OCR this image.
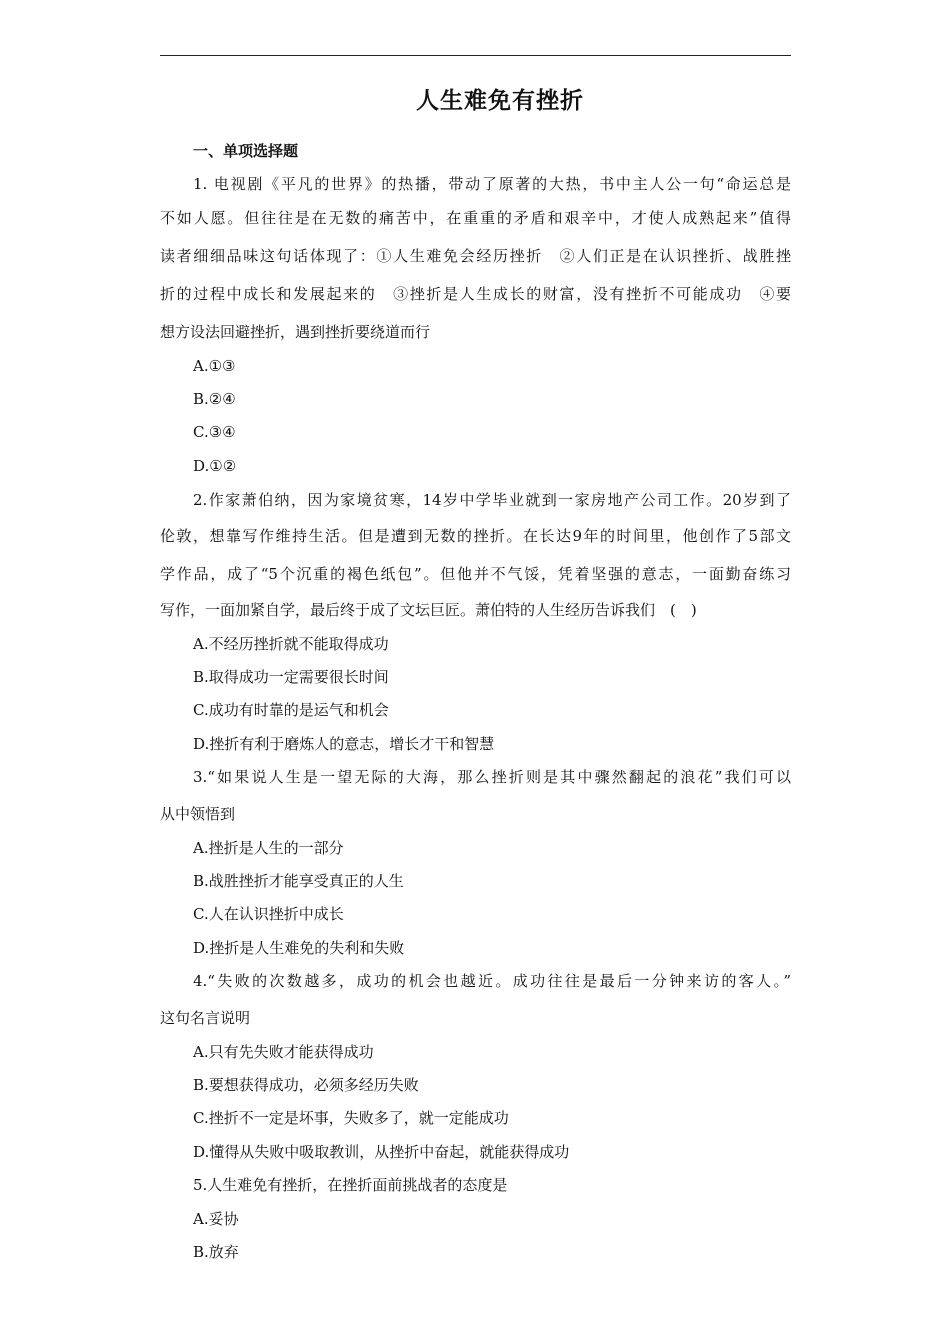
人生难免有挫折
一、单项选择题
1. 电视剧《平凡的世界》的热播，带动了原著的大热，书中主人公一句“命运总是
不如人愿。但往往是在无数的痛苦中，在重重的矛盾和艰辛中，才使人成熟起来”值得
读者细细品味这句话体现了：①人生难免会经历挫折　②人们正是在认识挫折、战胜挫
折的过程中成长和发展起来的　③挫折是人生成长的财富，没有挫折不可能成功　④要
想方设法回避挫折，遇到挫折要绕道而行
A.①③
B.②④
C.③④
D.①②
2.作家萧伯纳，因为家境贫寒，14岁中学毕业就到一家房地产公司工作。20岁到了
伦敦，想靠写作维持生活。但是遭到无数的挫折。在长达9年的时间里，他创作了5部文
学作品，成了“5个沉重的褐色纸包”。但他并不气馁，凭着坚强的意志，一面勤奋练习
写作，一面加紧自学，最后终于成了文坛巨匠。萧伯特的人生经历告诉我们　(　)
A.不经历挫折就不能取得成功
B.取得成功一定需要很长时间
C.成功有时靠的是运气和机会
D.挫折有利于磨炼人的意志，增长才干和智慧
3.“如果说人生是一望无际的大海，那么挫折则是其中骤然翻起的浪花”我们可以
从中领悟到
A.挫折是人生的一部分
B.战胜挫折才能享受真正的人生
C.人在认识挫折中成长
D.挫折是人生难免的失利和失败
4.“失败的次数越多，成功的机会也越近。成功往往是最后一分钟来访的客人。”
这句名言说明
A.只有先失败才能获得成功
B.要想获得成功，必须多经历失败
C.挫折不一定是坏事，失败多了，就一定能成功
D.懂得从失败中吸取教训，从挫折中奋起，就能获得成功
5.人生难免有挫折，在挫折面前挑战者的态度是
A.妥协
B.放弃
